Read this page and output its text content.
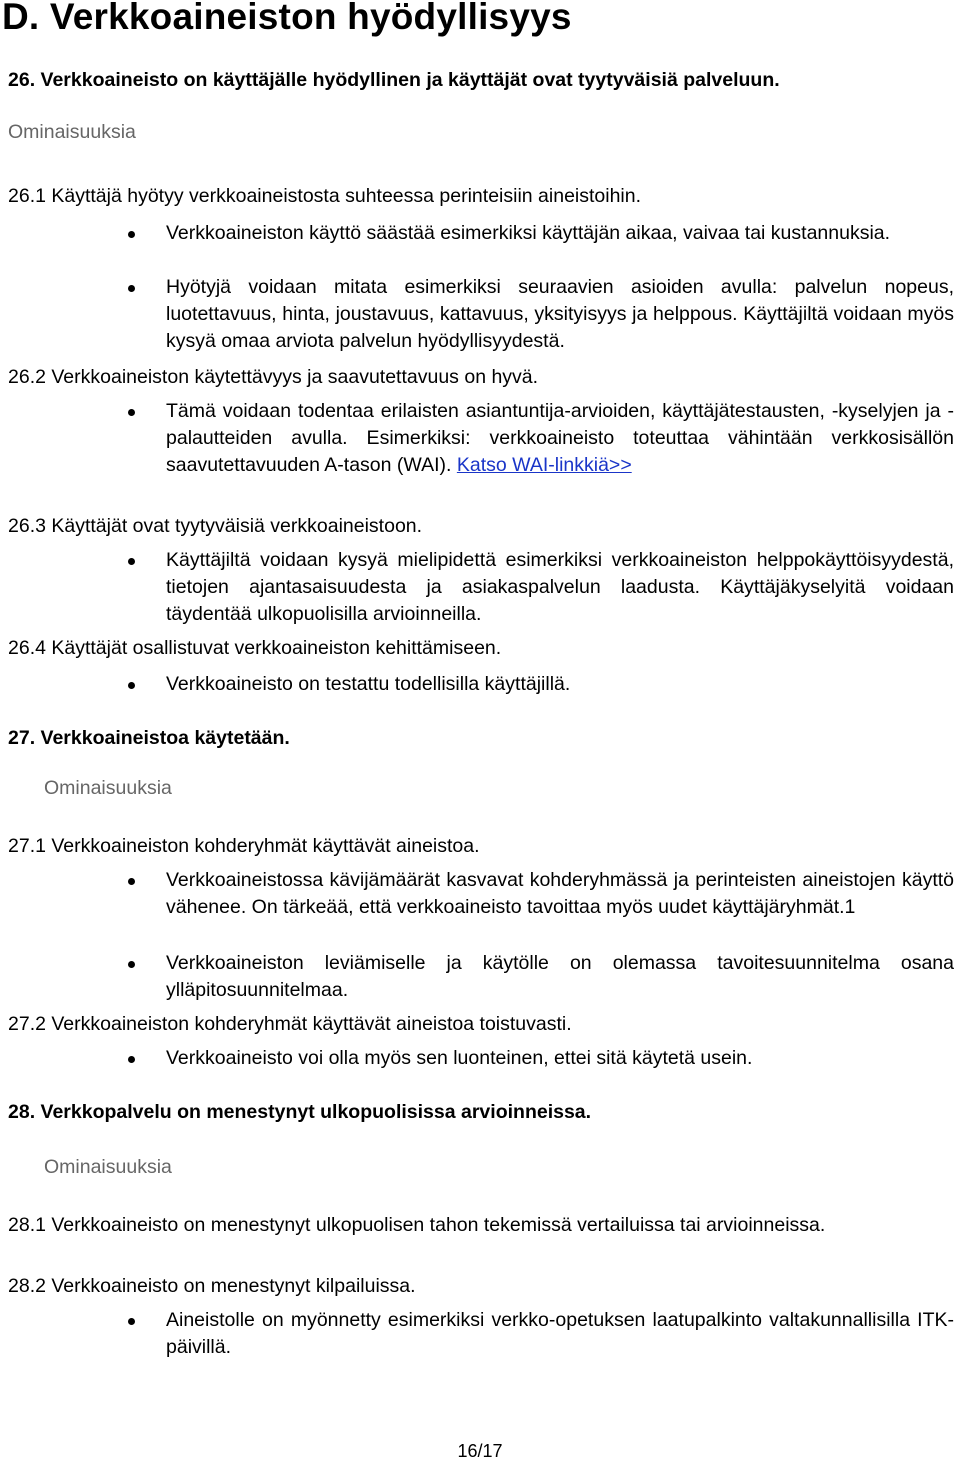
D. Verkkoaineiston hyödyllisyys
26. Verkkoaineisto on käyttäjälle hyödyllinen ja käyttäjät ovat tyytyväisiä palveluun.
Ominaisuuksia
26.1 Käyttäjä hyötyy verkkoaineistosta suhteessa perinteisiin aineistoihin.
Verkkoaineiston käyttö säästää esimerkiksi käyttäjän aikaa, vaivaa tai kustannuksia.
Hyötyjä voidaan mitata esimerkiksi seuraavien asioiden avulla: palvelun nopeus, luotettavuus, hinta, joustavuus, kattavuus, yksityisyys ja helppous. Käyttäjiltä voidaan myös kysyä omaa arviota palvelun hyödyllisyydestä.
26.2 Verkkoaineiston käytettävyys ja saavutettavuus on hyvä.
Tämä voidaan todentaa erilaisten asiantuntija-arvioiden, käyttäjätestausten, -kyselyjen ja -palautteiden avulla. Esimerkiksi: verkkoaineisto toteuttaa vähintään verkkosisällön saavutettavuuden A-tason (WAI). Katso WAI-linkkiä>>
26.3 Käyttäjät ovat tyytyväisiä verkkoaineistoon.
Käyttäjiltä voidaan kysyä mielipidettä esimerkiksi verkkoaineiston helppokäyttöisyydestä, tietojen ajantasaisuudesta ja asiakaspalvelun laadusta. Käyttäjäkyselyitä voidaan täydentää ulkopuolisilla arvioinneilla.
26.4 Käyttäjät osallistuvat verkkoaineiston kehittämiseen.
Verkkoaineisto on testattu todellisilla käyttäjillä.
27. Verkkoaineistoa käytetään.
Ominaisuuksia
27.1 Verkkoaineiston kohderyhmät käyttävät aineistoa.
Verkkoaineistossa kävijämäärät kasvavat kohderyhmässä ja perinteisten aineistojen käyttö vähenee. On tärkeää, että verkkoaineisto tavoittaa myös uudet käyttäjäryhmät.1
Verkkoaineiston leviämiselle ja käytölle on olemassa tavoitesuunnitelma osana ylläpitosuunnitelmaa.
27.2 Verkkoaineiston kohderyhmät käyttävät aineistoa toistuvasti.
Verkkoaineisto voi olla myös sen luonteinen, ettei sitä käytetä usein.
28. Verkkopalvelu on menestynyt ulkopuolisissa arvioinneissa.
Ominaisuuksia
28.1 Verkkoaineisto on menestynyt ulkopuolisen tahon tekemissä vertailuissa tai arvioinneissa.
28.2 Verkkoaineisto on menestynyt kilpailuissa.
Aineistolle on myönnetty esimerkiksi verkko-opetuksen laatupalkinto valtakunnallisilla ITK-päivillä.
16/17
